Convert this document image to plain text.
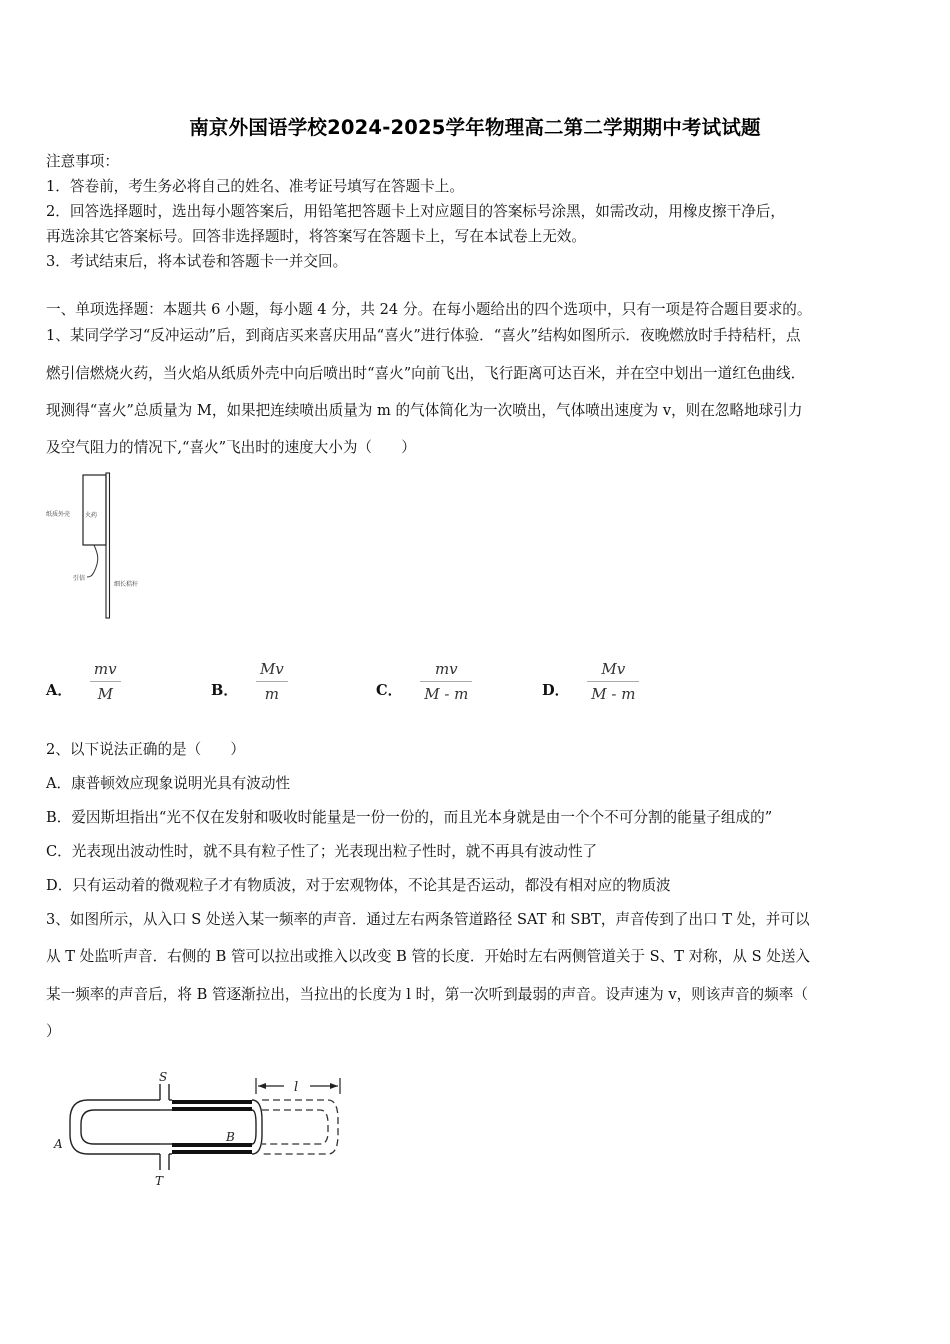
南京外国语学校2024-2025学年物理高二第二学期期中考试试题
注意事项：
1．答卷前，考生务必将自己的姓名、准考证号填写在答题卡上。
2．回答选择题时，选出每小题答案后，用铅笔把答题卡上对应题目的答案标号涂黑，如需改动，用橡皮擦干净后，
再选涂其它答案标号。回答非选择题时，将答案写在答题卡上，写在本试卷上无效。
3．考试结束后，将本试卷和答题卡一并交回。
一、单项选择题：本题共 6 小题，每小题 4 分，共 24 分。在每小题给出的四个选项中，只有一项是符合题目要求的。
1、某同学学习“反冲运动”后，到商店买来喜庆用品“喜火”进行体验．“喜火”结构如图所示．夜晚燃放时手持秸杆，点
燃引信燃烧火药，当火焰从纸质外壳中向后喷出时“喜火”向前飞出，飞行距离可达百米，并在空中划出一道红色曲线．
现测得“喜火”总质量为 M，如果把连续喷出质量为 m 的气体简化为一次喷出，气体喷出速度为 v，则在忽略地球引力
及空气阻力的情况下,“喜火”飞出时的速度大小为（　　）
纸质外壳 火药
引信
细长秸秆
A． $\frac{mv}{M}$	B． $\frac{Mv}{m}$	C． $\frac{mv}{M - m}$	D． $\frac{Mv}{M - m}$
2、以下说法正确的是（　　）
A．康普顿效应现象说明光具有波动性
B．爱因斯坦指出“光不仅在发射和吸收时能量是一份一份的，而且光本身就是由一个个不可分割的能量子组成的”
C．光表现出波动性时，就不具有粒子性了；光表现出粒子性时，就不再具有波动性了
D．只有运动着的微观粒子才有物质波，对于宏观物体，不论其是否运动，都没有相对应的物质波
3、如图所示，从入口 S 处送入某一频率的声音．通过左右两条管道路径 SAT 和 SBT，声音传到了出口 T 处，并可以
从 T 处监听声音．右侧的 B 管可以拉出或推入以改变 B 管的长度．开始时左右两侧管道关于 S、T 对称，从 S 处送入
某一频率的声音后，将 B 管逐渐拉出，当拉出的长度为 l 时，第一次听到最弱的声音。设声速为 v，则该声音的频率（
）
l
S
T
A	B
